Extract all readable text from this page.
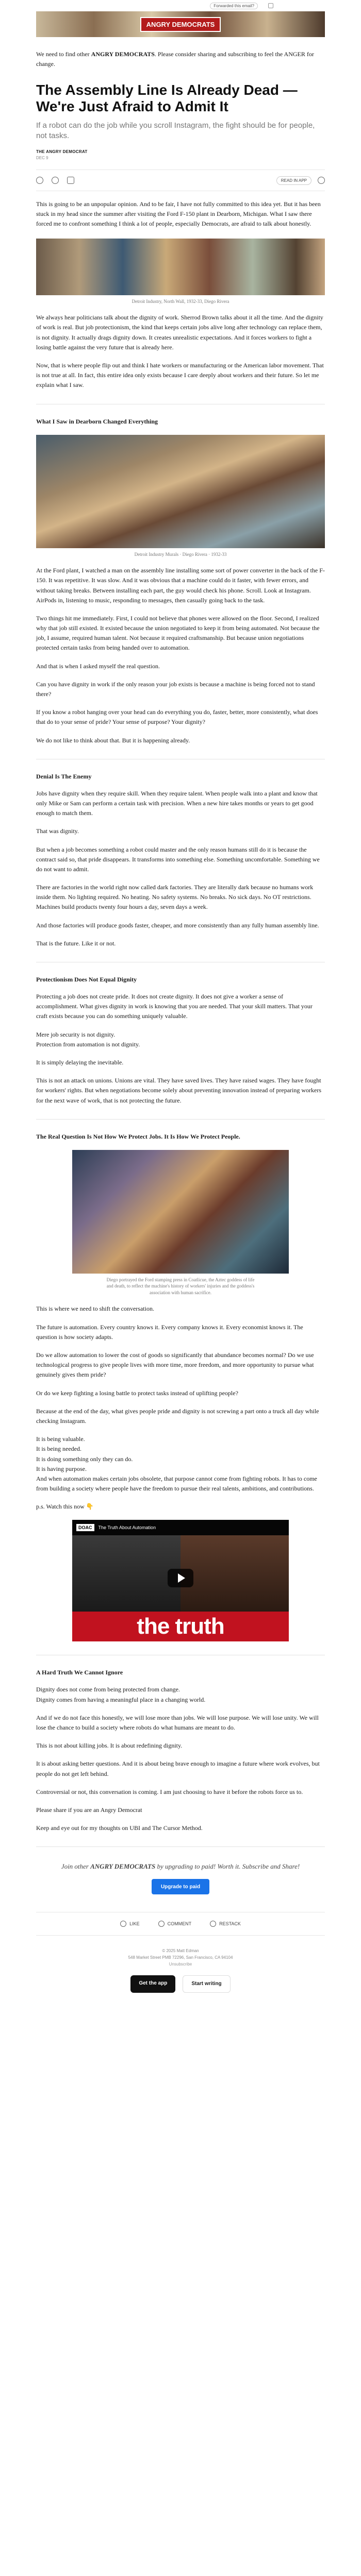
Forwarded this email?
ANGRY DEMOCRATS

We need to find other ANGRY DEMOCRATS. Please consider sharing and subscribing to feel the ANGER for change.

The Assembly Line Is Already Dead — We're Just Afraid to Admit It
If a robot can do the job while you scroll Instagram, the fight should be for people, not tasks.
THE ANGRY DEMOCRAT
DEC 9
READ IN APP

This is going to be an unpopular opinion. And to be fair, I have not fully committed to this idea yet. But it has been stuck in my head since the summer after visiting the Ford F-150 plant in Dearborn, Michigan. What I saw there forced me to confront something I think a lot of people, especially Democrats, are afraid to talk about honestly.

Detroit Industry, North Wall, 1932-33, Diego Rivera

We always hear politicians talk about the dignity of work. Sherrod Brown talks about it all the time. And the dignity of work is real. But job protectionism, the kind that keeps certain jobs alive long after technology can replace them, is not dignity. It actually drags dignity down. It creates unrealistic expectations. And it forces workers to fight a losing battle against the very future that is already here.

Now, that is where people flip out and think I hate workers or manufacturing or the American labor movement. That is not true at all. In fact, this entire idea only exists because I care deeply about workers and their future. So let me explain what I saw.

What I Saw in Dearborn Changed Everything
Detroit Industry Murals · Diego Rivera · 1932-33

At the Ford plant, I watched a man on the assembly line installing some sort of power converter in the back of the F-150. It was repetitive. It was slow. And it was obvious that a machine could do it faster, with fewer errors, and without taking breaks. Between installing each part, the guy would check his phone. Scroll. Look at Instagram. AirPods in, listening to music, responding to messages, then casually going back to the task.

Two things hit me immediately. First, I could not believe that phones were allowed on the floor. Second, I realized why that job still existed. It existed because the union negotiated to keep it from being automated. Not because the job, I assume, required human talent. Not because it required craftsmanship. But because union negotiations protected certain tasks from being handed over to automation.

And that is when I asked myself the real question.

Can you have dignity in work if the only reason your job exists is because a machine is being forced not to stand there?

If you know a robot hanging over your head can do everything you do, faster, better, more consistently, what does that do to your sense of pride? Your sense of purpose? Your dignity?

We do not like to think about that. But it is happening already.

Denial Is The Enemy

Jobs have dignity when they require skill. When they require talent. When people walk into a plant and know that only Mike or Sam can perform a certain task with precision. When a new hire takes months or years to get good enough to match them.

That was dignity.

But when a job becomes something a robot could master and the only reason humans still do it is because the contract said so, that pride disappears. It transforms into something else. Something uncomfortable. Something we do not want to admit.

There are factories in the world right now called dark factories. They are literally dark because no humans work inside them. No lighting required. No heating. No safety systems. No breaks. No sick days. No OT restrictions. Machines build products twenty four hours a day, seven days a week.

And those factories will produce goods faster, cheaper, and more consistently than any fully human assembly line.

That is the future. Like it or not.

Protectionism Does Not Equal Dignity

Protecting a job does not create pride. It does not create dignity. It does not give a worker a sense of accomplishment. What gives dignity in work is knowing that you are needed. That your skill matters. That your craft exists because you can do something uniquely valuable.

Mere job security is not dignity.

Protection from automation is not dignity.

It is simply delaying the inevitable.

This is not an attack on unions. Unions are vital. They have saved lives. They have raised wages. They have fought for workers' rights. But when negotiations become solely about preventing innovation instead of preparing workers for the next wave of work, that is not protecting the future.

The Real Question Is Not How We Protect Jobs. It Is How We Protect People.
Diego portrayed the Ford stamping press in Coatlicue, the Aztec goddess of life and death, to reflect the machine's history of workers' injuries and the goddess's association with human sacrifice.

This is where we need to shift the conversation.

The future is automation. Every country knows it. Every company knows it. Every economist knows it. The question is how society adapts.

Do we allow automation to lower the cost of goods so significantly that abundance becomes normal? Do we use technological progress to give people lives with more time, more freedom, and more opportunity to pursue what genuinely gives them pride?

Or do we keep fighting a losing battle to protect tasks instead of uplifting people?

Because at the end of the day, what gives people pride and dignity is not screwing a part onto a truck all day while checking Instagram.

It is being valuable.

It is being needed.

It is doing something only they can do.

It is having purpose.

And when automation makes certain jobs obsolete, that purpose cannot come from fighting robots. It has to come from building a society where people have the freedom to pursue their real talents, ambitions, and contributions.

p.s. Watch this now 👇

DOAC	The Truth About Automation
the truth
A Hard Truth We Cannot Ignore

Dignity does not come from being protected from change.

Dignity comes from having a meaningful place in a changing world.

And if we do not face this honestly, we will lose more than jobs. We will lose purpose. We will lose unity. We will lose the chance to build a society where robots do what humans are meant to do.

This is not about killing jobs. It is about redefining dignity.

It is about asking better questions. And it is about being brave enough to imagine a future where work evolves, but people do not get left behind.

Controversial or not, this conversation is coming. I am just choosing to have it before the robots force us to.

Please share if you are an Angry Democrat

Keep and eye out for my thoughts on UBI and The Cursor Method.

Join other ANGRY DEMOCRATS by upgrading to paid! Worth it. Subscribe and Share!
Upgrade to paid
LIKE	COMMENT	RESTACK
© 2025 Matt Edman
548 Market Street PMB 72296, San Francisco, CA 94104
Unsubscribe
Get the app	Start writing
